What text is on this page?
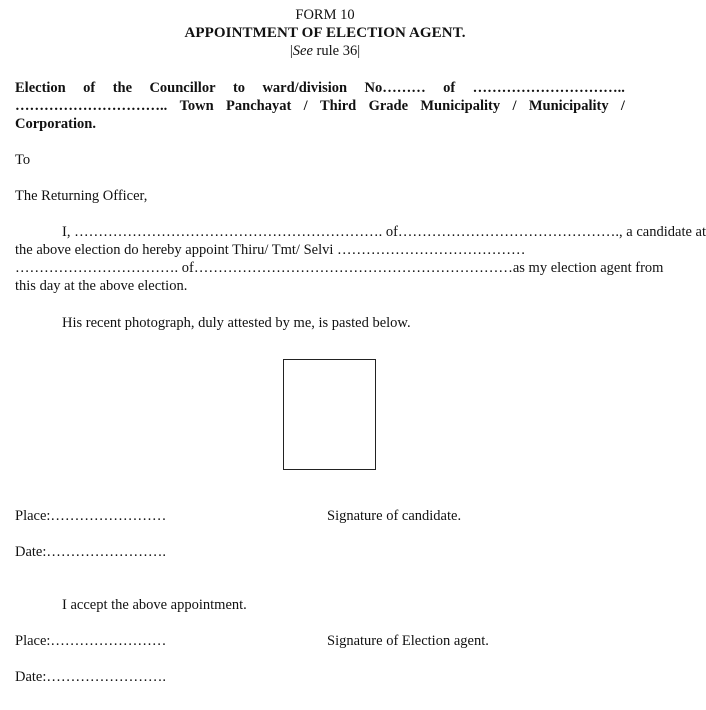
FORM 10
APPOINTMENT OF ELECTION AGENT.
|See rule 36|
Election of the Councillor to ward/division No……… of …………………………..
………………………….. Town Panchayat / Third Grade Municipality / Municipality /
Corporation.
To
The Returning Officer,
I, ………………………………………………………. of ………………………………………., a candidate at
the above election do hereby appoint Thiru/ Tmt/ Selvi …………………………………
……………………………. of ………………………………………………………… as my election agent from
this day at the above election.
His recent photograph, duly attested by me, is pasted below.
Place:……………………	Signature of candidate.
Date:…………………….
I accept the above appointment.
Place:……………………	Signature of Election agent.
Date:…………………….
